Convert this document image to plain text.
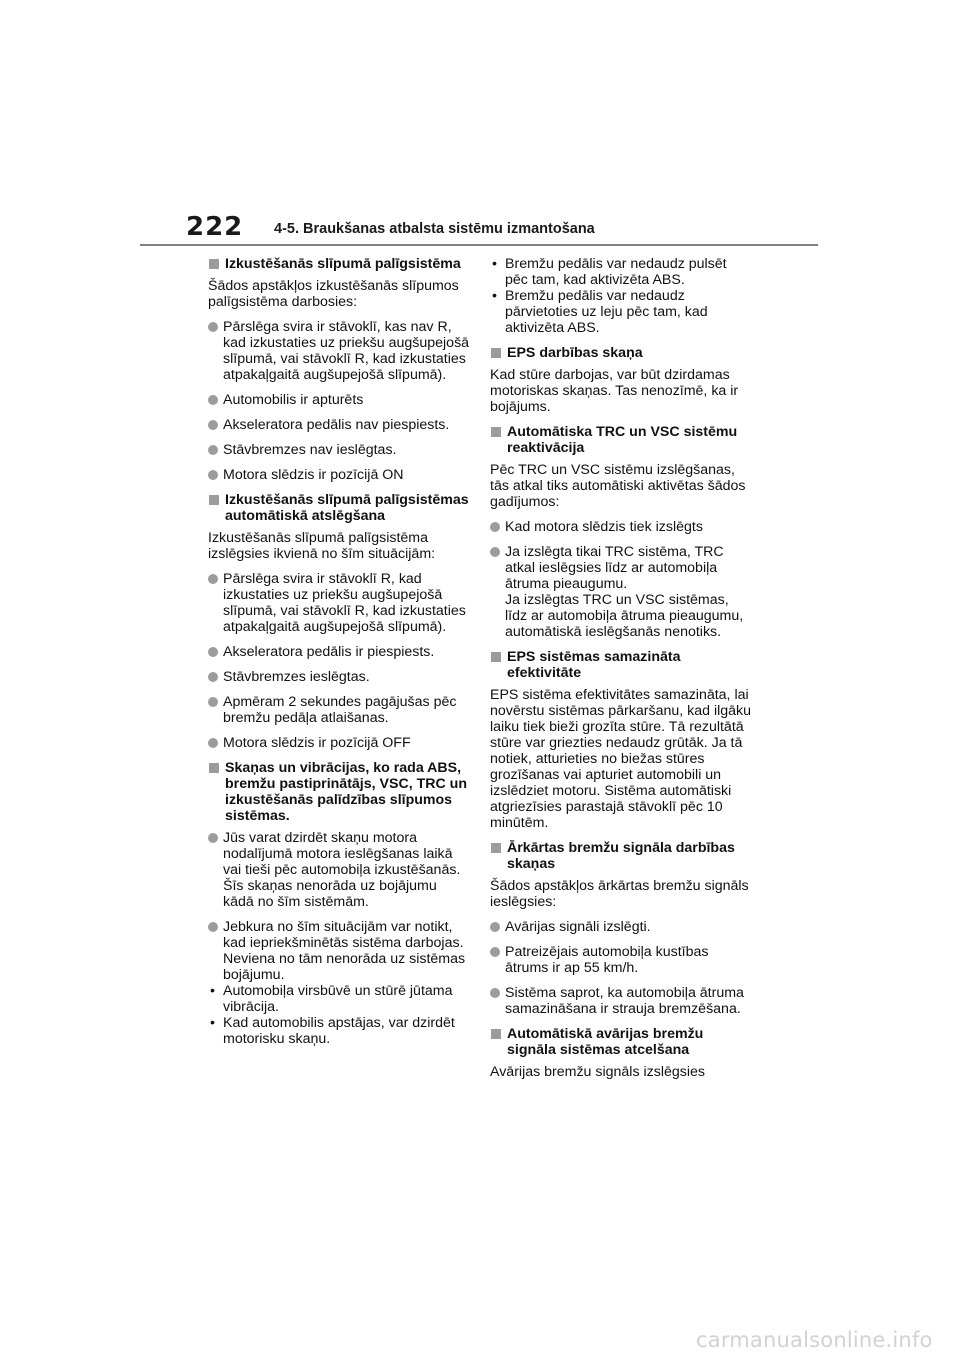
222 4-5. Braukšanas atbalsta sistēmu izmantošana
Izkustēšanās slīpumā palīgsistēma
Šādos apstākļos izkustēšanās slīpumos palīgsistēma darbosies:
Pārslēga svira ir stāvoklī, kas nav R, kad izkustaties uz priekšu augšupejošā slīpumā, vai stāvoklī R, kad izkustaties atpakaļgaitā augšupejošā slīpumā).
Automobilis ir apturēts
Akseleratora pedālis nav piespiests.
Stāvbremzes nav ieslēgtas.
Motora slēdzis ir pozīcijā ON
Izkustēšanās slīpumā palīgsistēmas automātiskā atslēgšana
Izkustēšanās slīpumā palīgsistēma izslēgsies ikvienā no šīm situācijām:
Pārslēga svira ir stāvoklī R, kad izkustaties uz priekšu augšupejošā slīpumā, vai stāvoklī R, kad izkustaties atpakaļgaitā augšupejošā slīpumā).
Akseleratora pedālis ir piespiests.
Stāvbremzes ieslēgtas.
Apmēram 2 sekundes pagājušas pēc bremžu pedāļa atlaišanas.
Motora slēdzis ir pozīcijā OFF
Skaņas un vibrācijas, ko rada ABS, bremžu pastiprinātājs, VSC, TRC un izkustēšanās palīdzības slīpumos sistēmas.
Jūs varat dzirdēt skaņu motora nodalījumā motora ieslēgšanas laikā vai tieši pēc automobiļa izkustēšanās. Šīs skaņas nenorāda uz bojājumu kādā no šīm sistēmām.
Jebkura no šīm situācijām var notikt, kad iepriekšminētās sistēma darbojas. Neviena no tām nenorāda uz sistēmas bojājumu.
• Automobiļa virsbūvē un stūrē jūtama vibrācija.
• Kad automobilis apstājas, var dzirdēt motorisku skaņu.
• Bremžu pedālis var nedaudz pulsēt pēc tam, kad aktivizēta ABS.
• Bremžu pedālis var nedaudz pārvietoties uz leju pēc tam, kad aktivizēta ABS.
EPS darbības skaņa
Kad stūre darbojas, var būt dzirdamas motoriskas skaņas. Tas nenozīmē, ka ir bojājums.
Automātiska TRC un VSC sistēmu reaktivācija
Pēc TRC un VSC sistēmu izslēgšanas, tās atkal tiks automātiski aktivētas šādos gadījumos:
Kad motora slēdzis tiek izslēgts
Ja izslēgta tikai TRC sistēma, TRC atkal ieslēgsies līdz ar automobiļa ātruma pieaugumu.
Ja izslēgtas TRC un VSC sistēmas, līdz ar automobiļa ātruma pieaugumu, automātiskā ieslēgšanās nenotiks.
EPS sistēmas samazināta efektivitāte
EPS sistēma efektivitātes samazināta, lai novērstu sistēmas pārkaršanu, kad ilgāku laiku tiek bieži grozīta stūre. Tā rezultātā stūre var griezties nedaudz grūtāk. Ja tā notiek, atturieties no biežas stūres grozīšanas vai apturiet automobili un izslēdziet motoru. Sistēma automātiski atgriezīsies parastajā stāvoklī pēc 10 minūtēm.
Ārkārtas bremžu signāla darbības skaņas
Šādos apstākļos ārkārtas bremžu signāls ieslēgsies:
Avārijas signāli izslēgti.
Patreizējais automobiļa kustības ātrums ir ap 55 km/h.
Sistēma saprot, ka automobiļa ātruma samazināšana ir strauja bremzēšana.
Automātiskā avārijas bremžu signāla sistēmas atcelšana
Avārijas bremžu signāls izslēgsies
carmanualsonline.info
